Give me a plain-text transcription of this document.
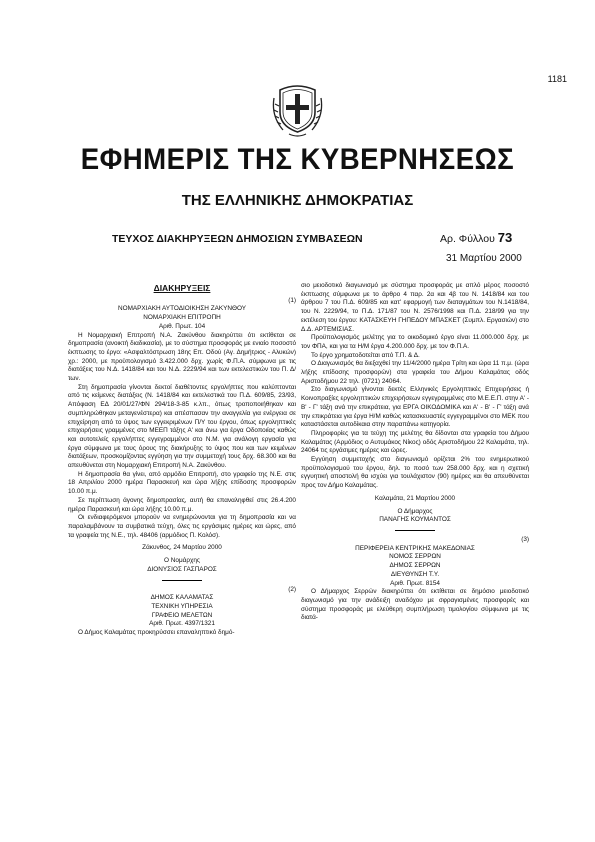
1181
ΕΦΗΜΕΡΙΣ ΤΗΣ ΚΥΒΕΡΝΗΣΕΩΣ
ΤΗΣ ΕΛΛΗΝΙΚΗΣ ΔΗΜΟΚΡΑΤΙΑΣ
ΤΕΥΧΟΣ ΔΙΑΚΗΡΥΞΕΩΝ ΔΗΜΟΣΙΩΝ ΣΥΜΒΑΣΕΩΝ	Αρ. Φύλλου 73
31 Μαρτίου 2000

ΔΙΑΚΗΡΥΞΕΙΣ

(1)

ΝΟΜΑΡΧΙΑΚΗ ΑΥΤΟΔΙΟΙΚΗΣΗ ΖΑΚΥΝΘΟΥ

ΝΟΜΑΡΧΙΑΚΗ ΕΠΙΤΡΟΠΗ

Αριθ. Πρωτ. 104

Η Νομαρχιακή Επιτροπή Ν.Α. Ζακύνθου διακηρύττει ότι εκτίθεται σε δημοπρασία (ανοικτή διαδικασία), με το σύστημα προσφοράς με ενιαίο ποσοστό έκπτωσης το έργο: «Ασφαλτόστρωση 18ης Επ. Οδού (Αγ. Δημήτριος - Αλυκών) χρ.: 2000, με προϋπολογισμό 3.422.000 δρχ. χωρίς Φ.Π.Α. σύμφωνα με τις διατάξεις του Ν.Δ. 1418/84 και του Ν.Δ. 2229/94 και των εκτελεστικών του Π. Δ/των.

Στη δημοπρασία γίνονται δεκτοί διαθέτοντες εργολήπτες που καλύπτονται από τις κείμενες διατάξεις (Ν. 1418/84 και εκτελεστικά του Π.Δ. 609/85, 23/93, Απόφαση ΕΔ 20/01/27/ΦΝ 294/18-3-85 κ.λπ., όπως τροποποιήθηκαν και συμπληρώθηκαν μεταγενέστερα) και απέσπασαν την αναγγελία για ενέργεια σε επιχείρηση από το ύψος των εγγεκριμένων Π/Υ του έργου, όπως εργοληπτικές επιχειρήσεις γραμμένες στο ΜΕΕΠ τάξης Α' και άνω για έργα Οδοποιίας καθώς και αυτοτελείς εργολήπτες εγγεγραμμένοι στο Ν.Μ. για ανάλογη εργασία για έργα σύμφωνα με τους όρους της διακήρυξης το ύψος που και των κειμένων διατάξεων, προσκομίζοντας εγγύηση για την συμμετοχή τους δρχ. 68.300 και θα απευθύνεται στη Νομαρχιακή Επιτροπή Ν.Α. Ζακύνθου.

Η δημοπρασία θα γίνει, από αρμόδιο Επιτροπή, στο γραφείο της Ν.Ε. στις 18 Απριλίου 2000 ημέρα Παρασκευή και ώρα λήξης επίδοσης προσφορών 10.00 π.μ.

Σε περίπτωση άγονης δημοπρασίας, αυτή θα επαναληφθεί στις 26.4.200 ημέρα Παρασκευή και ώρα λήξης 10.00 π.μ.

Οι ενδιαφερόμενοι μπορούν να ενημερώνονται για τη δημοπρασία και να παραλαμβάνουν τα συμβατικά τεύχη, όλες τις εργάσιμες ημέρες και ώρες, από τα γραφεία της Ν.Ε., τηλ. 48406 (αρμόδιος Π. Κολόσ).

Ζάκυνθος, 24 Μαρτίου 2000

Ο Νομάρχης

ΔΙΟΝΥΣΙΟΣ ΓΑΣΠΑΡΟΣ

(2)

ΔΗΜΟΣ ΚΑΛΑΜΑΤΑΣ

ΤΕΧΝΙΚΗ ΥΠΗΡΕΣΙΑ

ΓΡΑΦΕΙΟ ΜΕΛΕΤΩΝ

Αριθ. Πρωτ. 4397/1321

Ο Δήμος Καλαμάτας προκηρύσσει επαναληπτικό δημό-

σιο μειοδοτικό διαγωνισμό με σύστημα προσφοράς με απλό μέρος ποσοστό έκπτωσης σύμφωνα με το άρθρο 4 παρ. 2α και 4β του Ν. 1418/84 και του άρθρου 7 του Π.Δ. 609/85 και κατ' εφαρμογή των διαταγμάτων του Ν.1418/84, του Ν. 2229/94, το Π.Δ. 171/87 του Ν. 2576/1998 και Π.Δ. 218/99 για την εκτέλεση του έργου: ΚΑΤΑΣΚΕΥΗ ΓΗΠΕΔΟΥ ΜΠΑΣΚΕΤ (Συμπλ. Εργασιών) στο Δ.Δ. ΑΡΤΕΜΙΣΙΑΣ.

Προϋπολογισμός μελέτης για το οικοδομικό έργο είναι 11.000.000 δρχ. με τον ΦΠΑ, και για τα Η/Μ έργα 4.200.000 δρχ. με τον Φ.Π.Α.

Το έργο χρηματοδοτείται από Τ.Π. & Δ.

Ο Διαγωνισμός θα διεξαχθεί την 11/4/2000 ημέρα Τρίτη και ώρα 11 π.μ. (ώρα λήξης επίδοσης προσφορών) στα γραφεία του Δήμου Καλαμάτας οδός Αριστοδήμου 22 τηλ. (0721) 24064.

Στο διαγωνισμό γίνονται δεκτές Ελληνικές Εργοληπτικές Επιχειρήσεις ή Κοινοπραξίες εργοληπτικών επιχειρήσεων εγγεγραμμένες στο Μ.Ε.Ε.Π. στην Α' - Β' - Γ' τάξη ανά την επικράτεια, για ΕΡΓΑ ΟΙΚΟΔΟΜΙΚΑ και Α' - Β' - Γ' τάξη ανά την επικράτεια για έργα Η/Μ καθώς κατασκευαστές εγγεγραμμένοι στο ΜΕΚ που καταστάσεται αυτοδίκαια στην παραπάνω κατηγορία.

Πληροφορίες για τα τεύχη της μελέτης θα δίδονται στα γραφεία του Δήμου Καλαμάτας (Αρμόδιος ο Αυτυμάκος Νίκος) οδός Αριστοδήμου 22 Καλαμάτα, τηλ. 24064 τις εργάσιμες ημέρες και ώρες.

Εγγύηση συμμετοχής στο διαγωνισμό ορίζεται 2% του ενημερωτικού προϋπολογισμού του έργου, δηλ. το ποσό των 258.000 δρχ. και η σχετική εγγυητική αποστολή θα ισχύει για τουλάχιστον (90) ημέρες και θα απευθύνεται προς τον Δήμο Καλαμάτας.

Καλαμάτα, 21 Μαρτίου 2000

Ο Δήμαρχος

ΠΑΝΑΓΗΣ ΚΟΥΜΑΝΤΟΣ

(3)

ΠΕΡΙΦΕΡΕΙΑ ΚΕΝΤΡΙΚΗΣ ΜΑΚΕΔΟΝΙΑΣ

ΝΟΜΟΣ ΣΕΡΡΩΝ

ΔΗΜΟΣ ΣΕΡΡΩΝ

ΔΙΕΥΘΥΝΣΗ Τ.Υ.

Αριθ. Πρωτ. 8154

Ο Δήμαρχος Σερρών διακηρύττει ότι εκτίθεται σε δημόσιο μειοδοτικό διαγωνισμό για την ανάδειξη αναδόχου με σφραγισμένες προσφορές και σύστημα προσφοράς με ελεύθερη συμπλήρωση τιμολογίου σύμφωνα με τις διατά-
